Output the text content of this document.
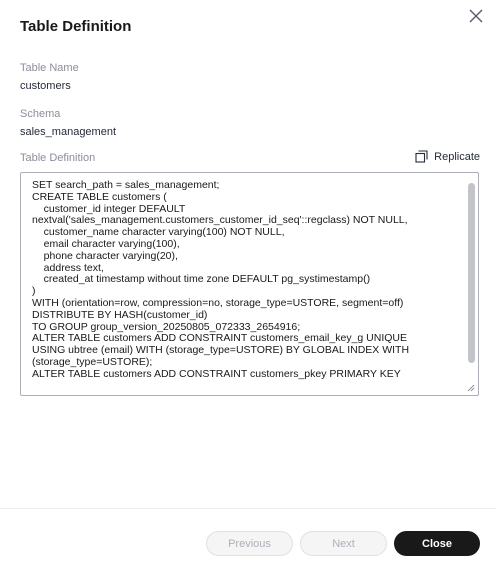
Table Definition
Table Name
customers
Schema
sales_management
Table Definition	Replicate
SET search_path = sales_management;
CREATE TABLE customers (
customer_id integer DEFAULT
nextval('sales_management.customers_customer_id_seq'::regclass) NOT NULL,
customer_name character varying(100) NOT NULL,
email character varying(100),
phone character varying(20),
address text,
created_at timestamp without time zone DEFAULT pg_systimestamp()
)
WITH (orientation=row, compression=no, storage_type=USTORE, segment=off)
DISTRIBUTE BY HASH(customer_id)
TO GROUP group_version_20250805_072333_2654916;
ALTER TABLE customers ADD CONSTRAINT customers_email_key_g UNIQUE
USING ubtree (email) WITH (storage_type=USTORE) BY GLOBAL INDEX WITH
(storage_type=USTORE);
ALTER TABLE customers ADD CONSTRAINT customers_pkey PRIMARY KEY
Previous	Next	Close
